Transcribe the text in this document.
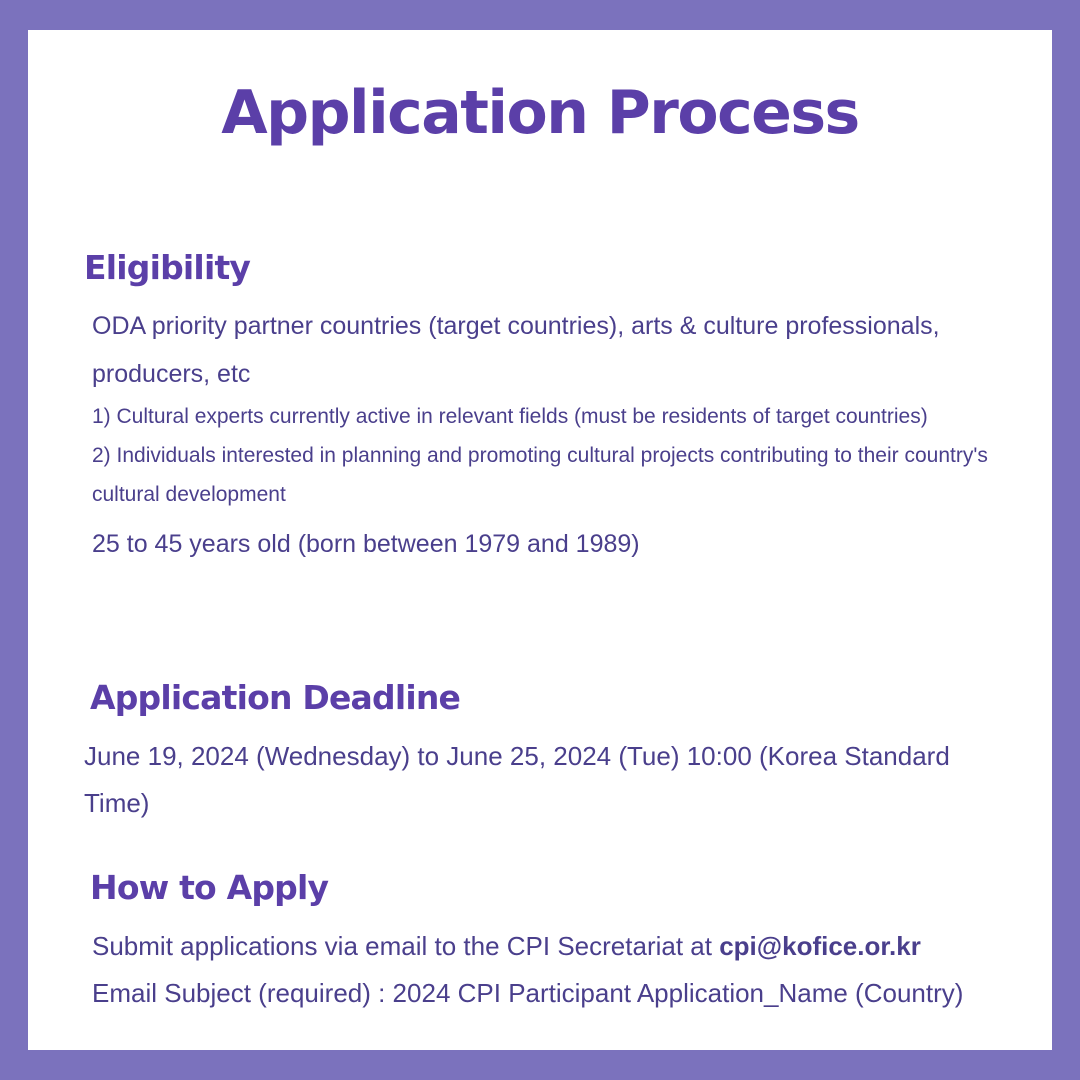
Application Process
Eligibility

ODA priority partner countries (target countries), arts & culture professionals, producers, etc

1) Cultural experts currently active in relevant fields (must be residents of target countries)

2) Individuals interested in planning and promoting cultural projects contributing to their country's cultural development

25 to 45 years old (born between 1979 and 1989)

Application Deadline

June 19, 2024 (Wednesday) to June 25, 2024 (Tue) 10:00 (Korea Standard Time)

How to Apply

Submit applications via email to the CPI Secretariat at cpi@kofice.or.kr

Email Subject (required) : 2024 CPI Participant Application_Name (Country)
